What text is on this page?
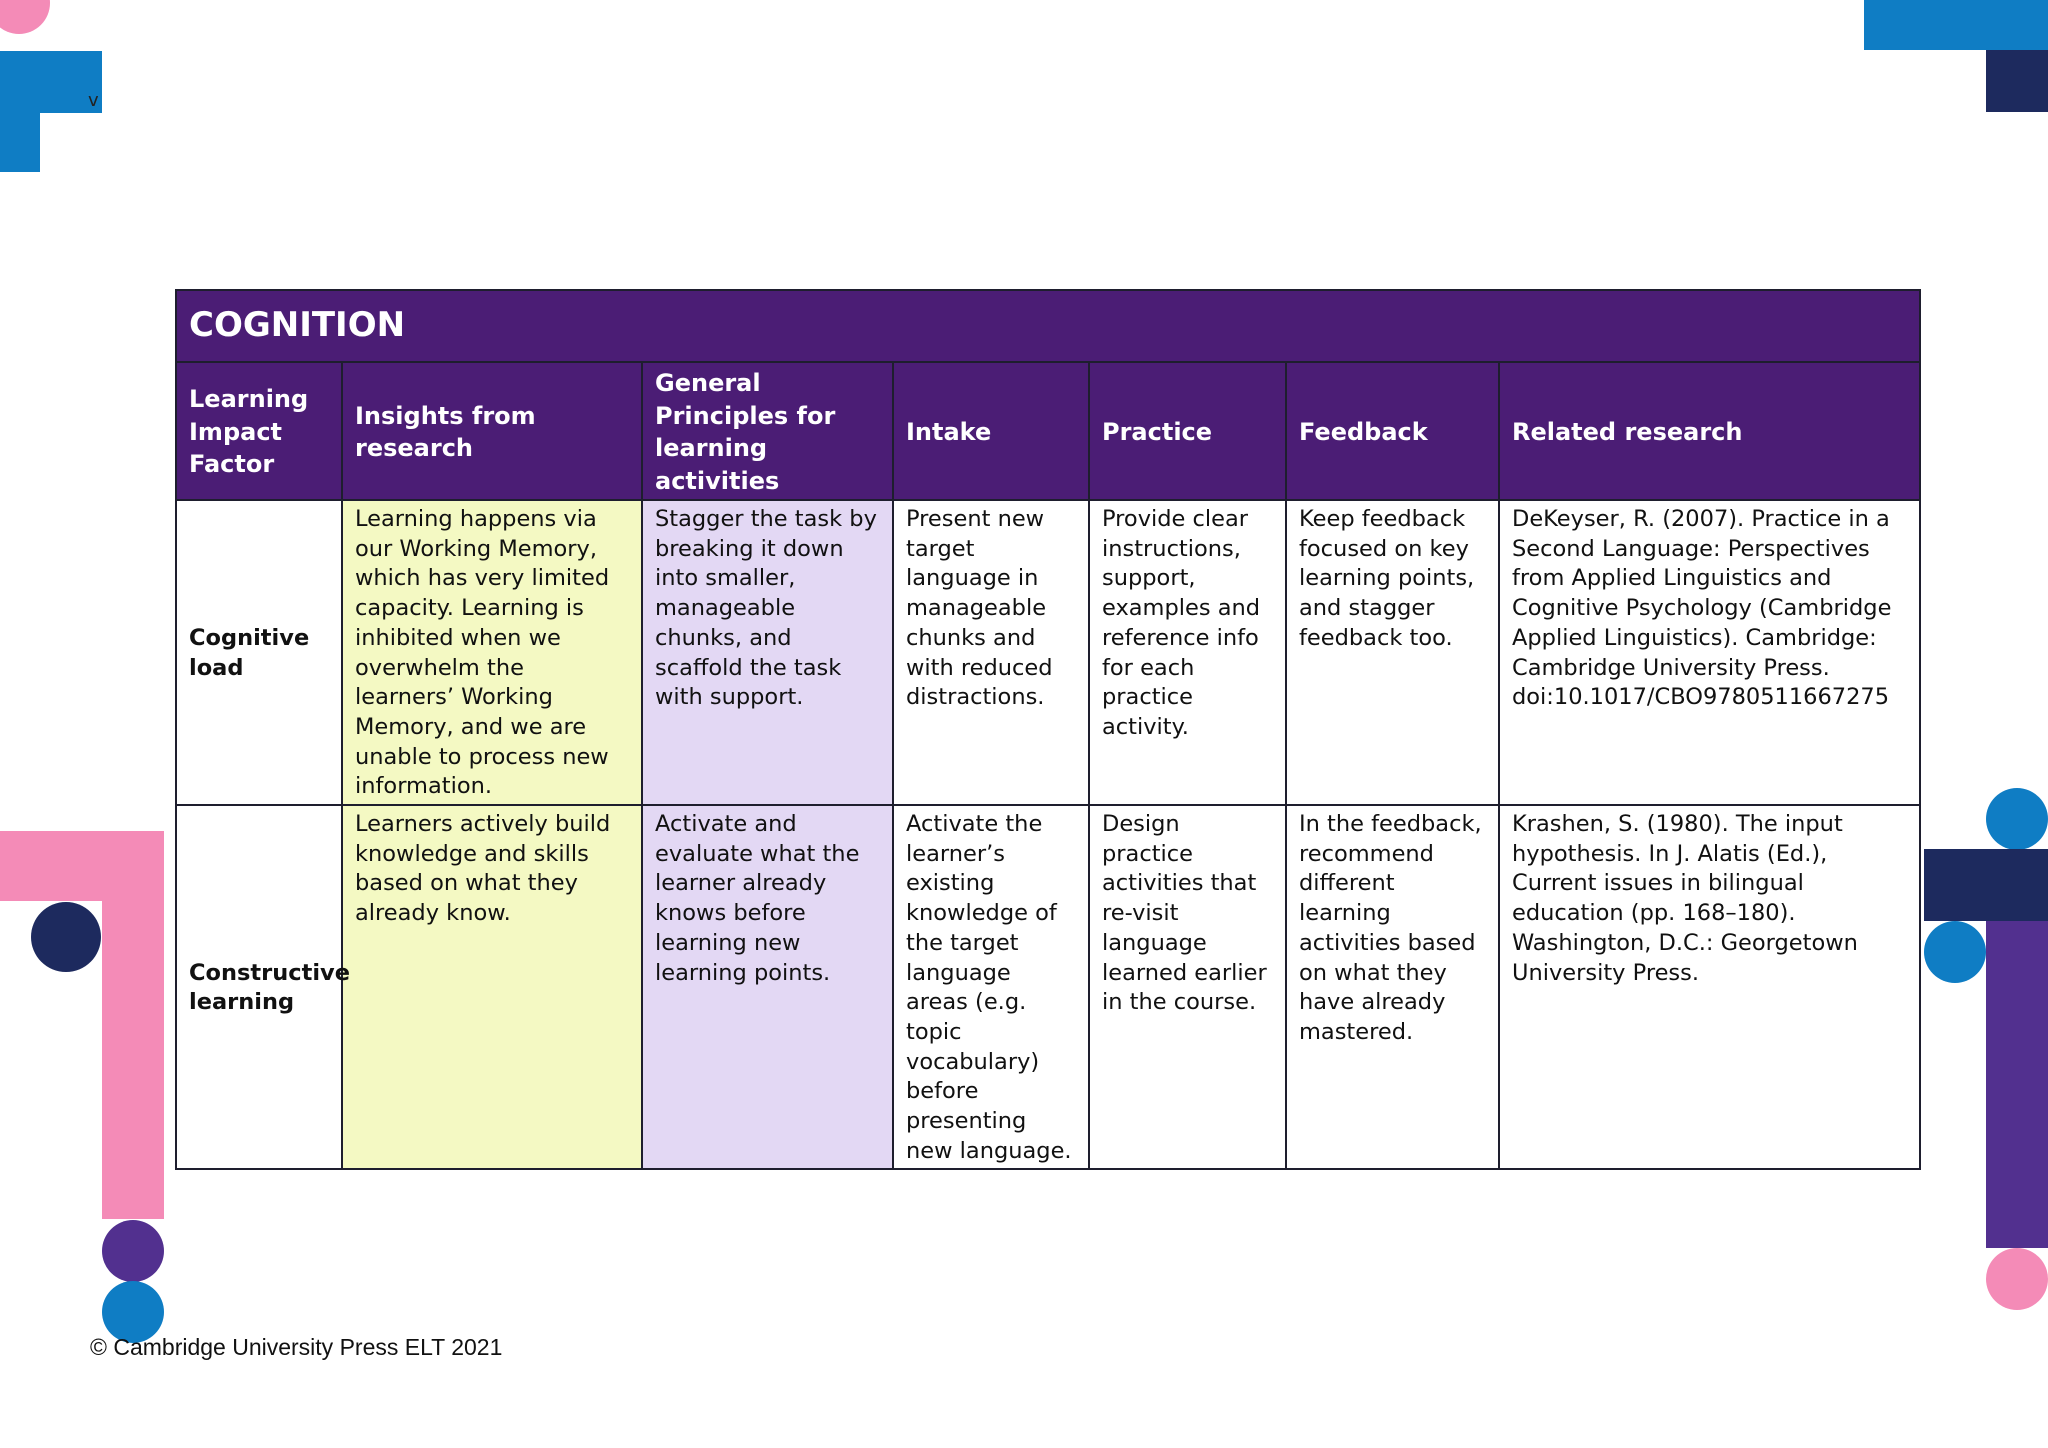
v
COGNITION						
Learning Impact Factor	Insights from research	General Principles for learning activities	Intake	Practice	Feedback	Related research
Cognitive load	Learning happens via our Working Memory, which has very limited capacity. Learning is inhibited when we overwhelm the learners’ Working Memory, and we are unable to process new information.	Stagger the task by breaking it down into smaller, manageable chunks, and scaffold the task with support.	Present new target language in manageable chunks and with reduced distractions.	Provide clear instructions, support, examples and reference info for each practice activity.	Keep feedback focused on key learning points, and stagger feedback too.	DeKeyser, R. (2007). Practice in a Second Language: Perspectives from Applied Linguistics and Cognitive Psychology (Cambridge Applied Linguistics). Cambridge: Cambridge University Press. doi:10.1017/CBO9780511667275
Constructive learning	Learners actively build knowledge and skills based on what they already know.	Activate and evaluate what the learner already knows before learning new learning points.	Activate the learner’s existing knowledge of the target language areas (e.g. topic vocabulary) before presenting new language.	Design practice activities that re-visit language learned earlier in the course.	In the feedback, recommend different learning activities based on what they have already mastered.	Krashen, S. (1980). The input hypothesis. In J. Alatis (Ed.), Current issues in bilingual education (pp. 168–180). Washington, D.C.: Georgetown University Press.
© Cambridge University Press ELT 2021
